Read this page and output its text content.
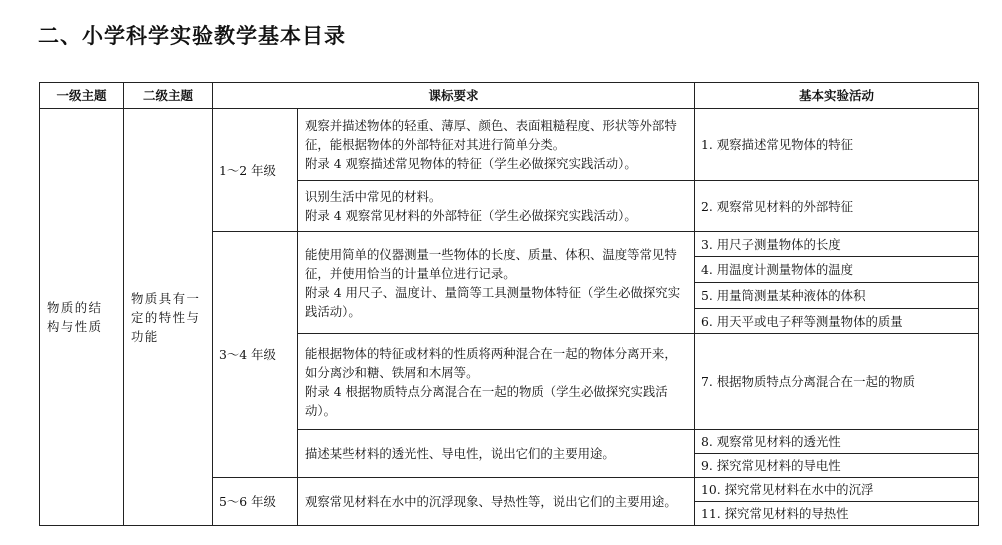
二、小学科学实验教学基本目录
一级主题	二级主题	课标要求		基本实验活动
物质的结构与性质	物质具有一定的特性与功能	1～2 年级	观察并描述物体的轻重、薄厚、颜色、表面粗糙程度、形状等外部特征，能根据物体的外部特征对其进行简单分类。

附录 4 观察描述常见物体的特征（学生必做探究实践活动）。	1. 观察描述常见物体的特征

			识别生活中常见的材料。

附录 4 观察常见材料的外部特征（学生必做探究实践活动）。	2. 观察常见材料的外部特征
		3～4 年级	能使用简单的仪器测量一些物体的长度、质量、体积、温度等常见特征，并使用恰当的计量单位进行记录。

附录 4 用尺子、温度计、量筒等工具测量物体特征（学生必做探究实践活动）。	3. 用尺子测量物体的长度
				4. 用温度计测量物体的温度
				5. 用量筒测量某种液体的体积
				6. 用天平或电子秤等测量物体的质量

			能根据物体的特征或材料的性质将两种混合在一起的物体分离开来，如分离沙和糖、铁屑和木屑等。

附录 4 根据物质特点分离混合在一起的物质（学生必做探究实践活动）。	7. 根据物质特点分离混合在一起的物质

			描述某些材料的透光性、导电性，说出它们的主要用途。	8. 观察常见材料的透光性
				9. 探究常见材料的导电性
		5～6 年级	观察常见材料在水中的沉浮现象、导热性等，说出它们的主要用途。	10. 探究常见材料在水中的沉浮
				11. 探究常见材料的导热性
